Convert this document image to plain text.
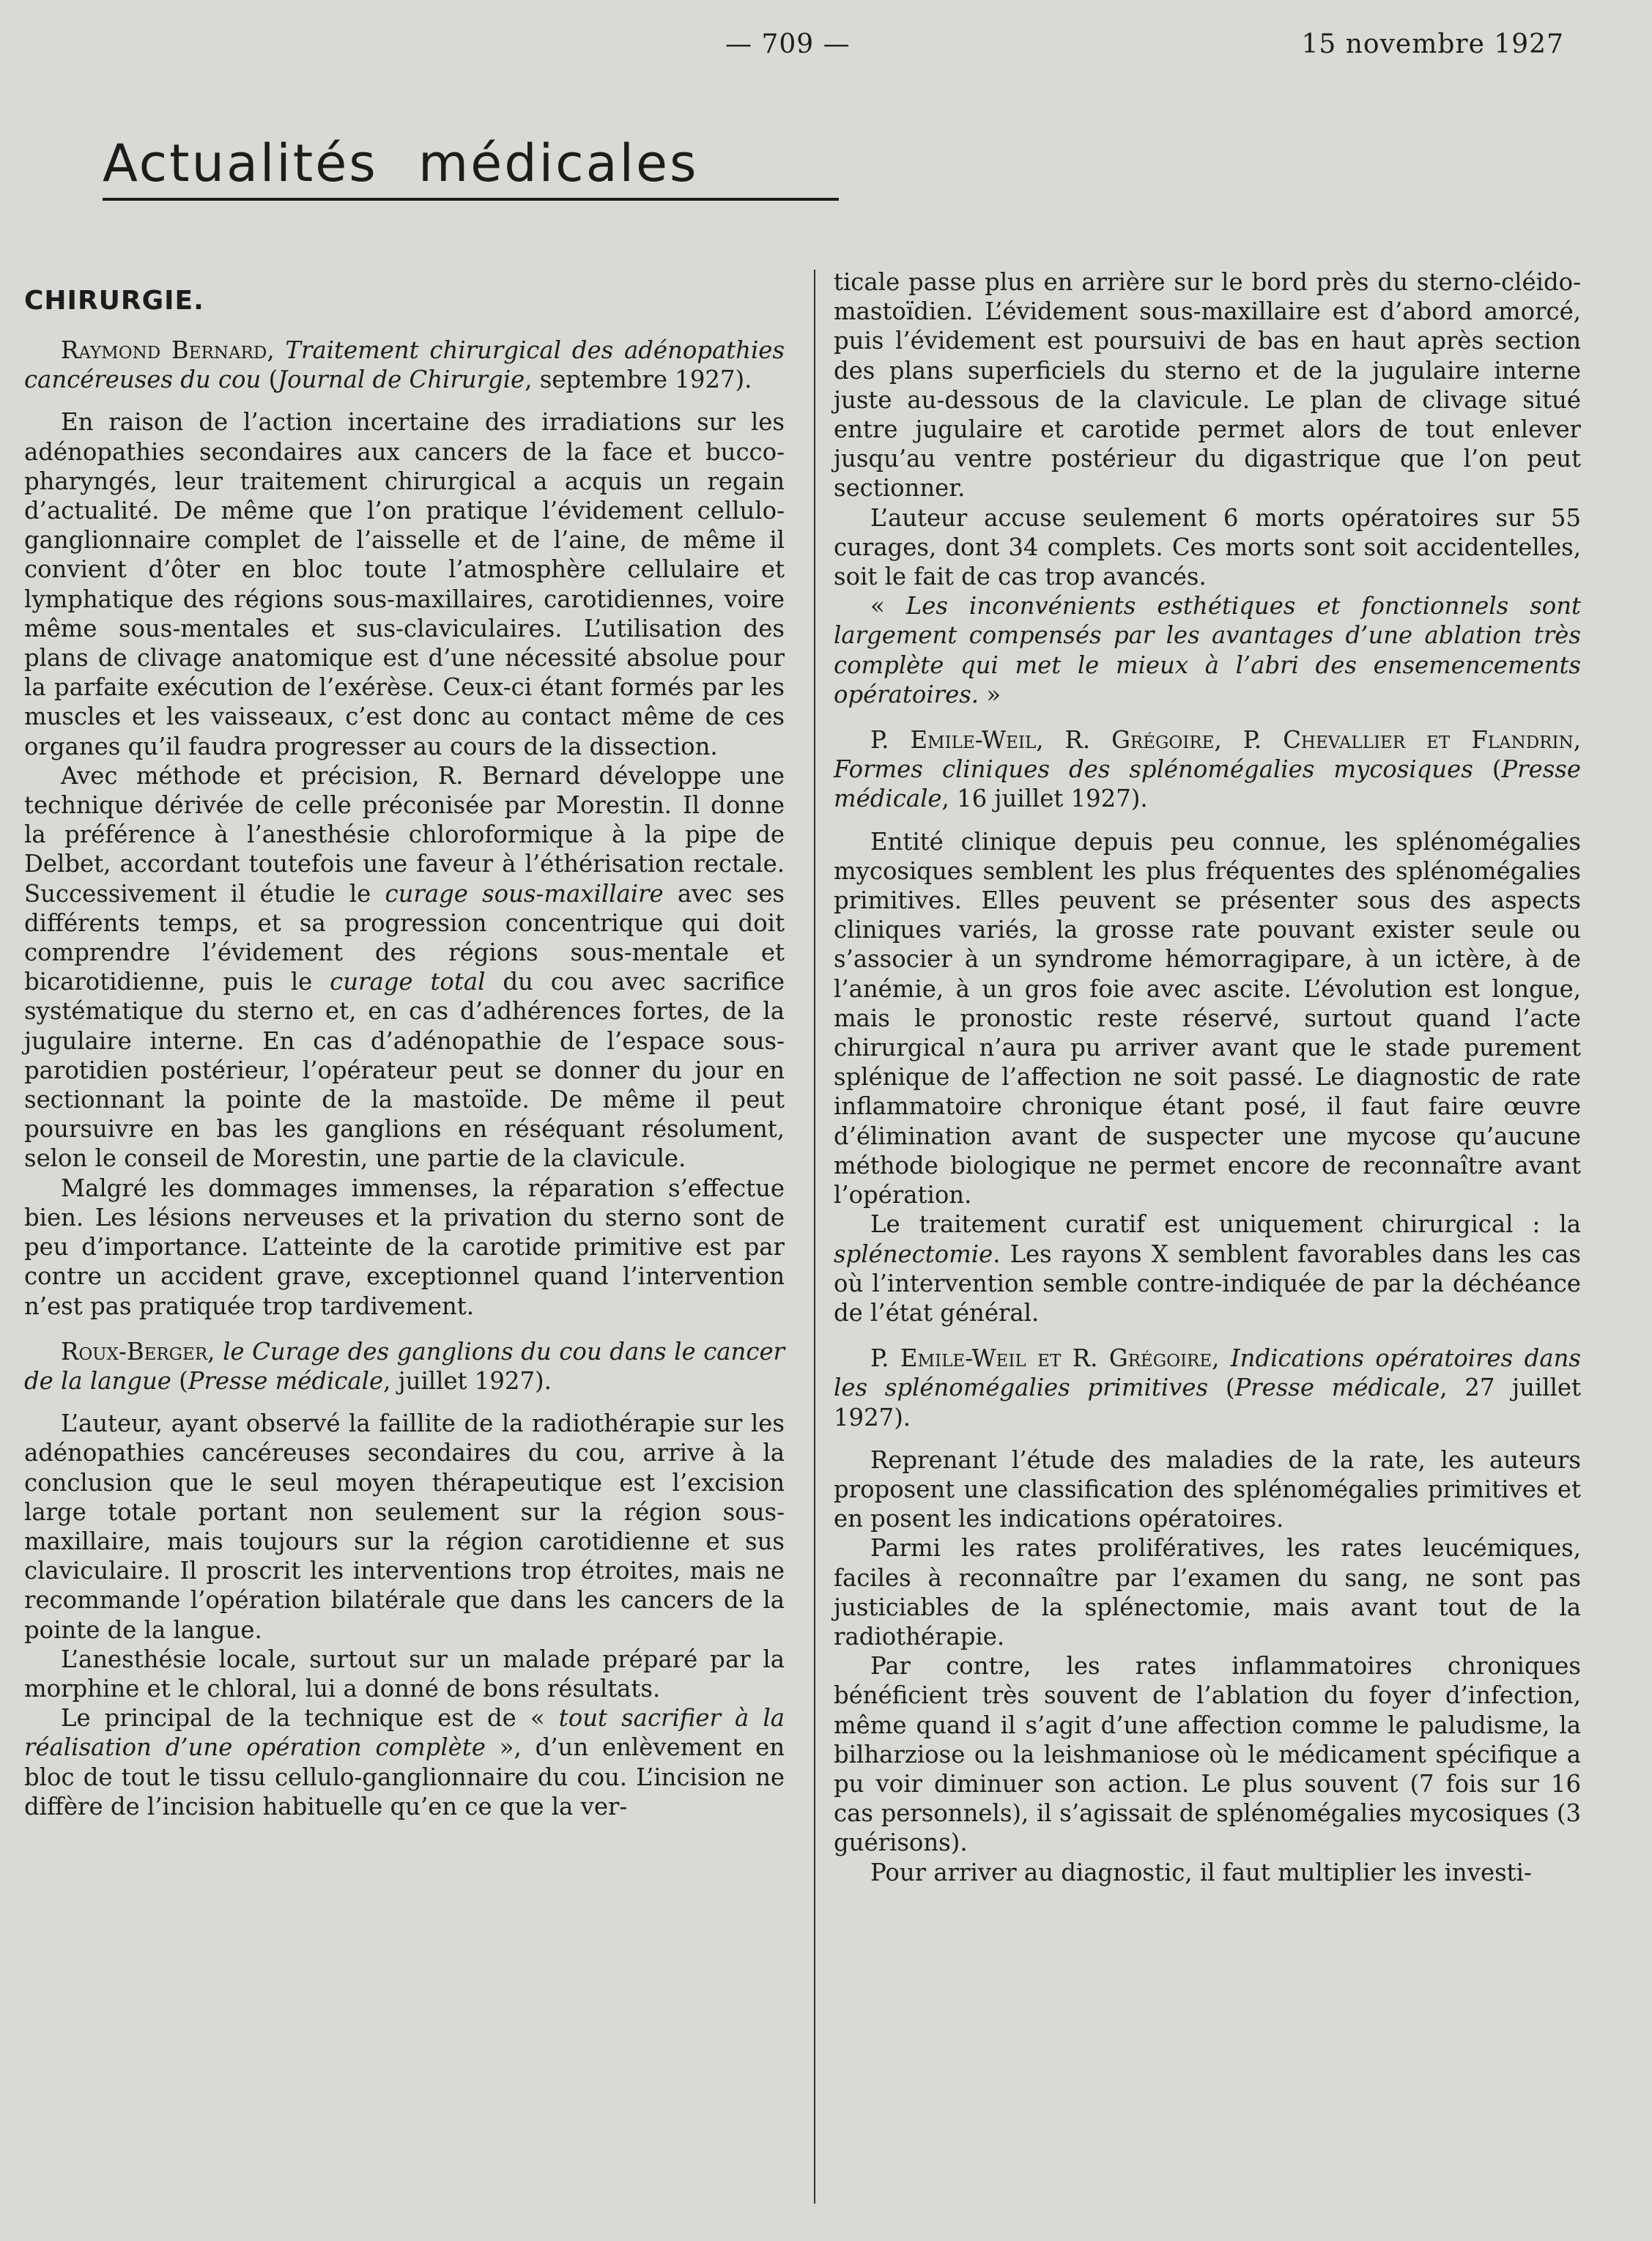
— 709 —	15 novembre 1927
Actualités médicales
CHIRURGIE.

Raymond Bernard, Traitement chirurgical des adénopathies cancéreuses du cou (Journal de Chirurgie, septembre 1927).

En raison de l’action incertaine des irradiations sur les adénopathies secondaires aux cancers de la face et bucco-pharyngés, leur traitement chirurgical a acquis un regain d’actualité. De même que l’on pratique l’évidement cellulo-ganglionnaire complet de l’aisselle et de l’aine, de même il convient d’ôter en bloc toute l’atmosphère cellulaire et lymphatique des régions sous-maxillaires, carotidiennes, voire même sous-mentales et sus-claviculaires. L’utilisation des plans de clivage anatomique est d’une nécessité absolue pour la parfaite exécution de l’exérèse. Ceux-ci étant formés par les muscles et les vaisseaux, c’est donc au contact même de ces organes qu’il faudra progresser au cours de la dissection.

Avec méthode et précision, R. Bernard développe une technique dérivée de celle préconisée par Morestin. Il donne la préférence à l’anesthésie chloroformique à la pipe de Delbet, accordant toutefois une faveur à l’éthérisation rectale. Successivement il étudie le curage sous-maxillaire avec ses différents temps, et sa progression concentrique qui doit comprendre l’évidement des régions sous-mentale et bicarotidienne, puis le curage total du cou avec sacrifice systématique du sterno et, en cas d’adhérences fortes, de la jugulaire interne. En cas d’adénopathie de l’espace sous-parotidien postérieur, l’opérateur peut se donner du jour en sectionnant la pointe de la mastoïde. De même il peut poursuivre en bas les ganglions en réséquant résolument, selon le conseil de Morestin, une partie de la clavicule.

Malgré les dommages immenses, la réparation s’effectue bien. Les lésions nerveuses et la privation du sterno sont de peu d’importance. L’atteinte de la carotide primitive est par contre un accident grave, exceptionnel quand l’intervention n’est pas pratiquée trop tardivement.

Roux-Berger, le Curage des ganglions du cou dans le cancer de la langue (Presse médicale, juillet 1927).

L’auteur, ayant observé la faillite de la radiothérapie sur les adénopathies cancéreuses secondaires du cou, arrive à la conclusion que le seul moyen thérapeutique est l’excision large totale portant non seulement sur la région sous-maxillaire, mais toujours sur la région carotidienne et sus claviculaire. Il proscrit les interventions trop étroites, mais ne recommande l’opération bilatérale que dans les cancers de la pointe de la langue.

L’anesthésie locale, surtout sur un malade préparé par la morphine et le chloral, lui a donné de bons résultats.

Le principal de la technique est de « tout sacrifier à la réalisation d’une opération complète », d’un enlèvement en bloc de tout le tissu cellulo-ganglionnaire du cou. L’incision ne diffère de l’incision habituelle qu’en ce que la ver-

ticale passe plus en arrière sur le bord près du sterno-cléido-mastoïdien. L’évidement sous-maxillaire est d’abord amorcé, puis l’évidement est poursuivi de bas en haut après section des plans superficiels du sterno et de la jugulaire interne juste au-dessous de la clavicule. Le plan de clivage situé entre jugulaire et carotide permet alors de tout enlever jusqu’au ventre postérieur du digastrique que l’on peut sectionner.

L’auteur accuse seulement 6 morts opératoires sur 55 curages, dont 34 complets. Ces morts sont soit accidentelles, soit le fait de cas trop avancés.

« Les inconvénients esthétiques et fonctionnels sont largement compensés par les avantages d’une ablation très complète qui met le mieux à l’abri des ensemencements opératoires. »

P. Emile-Weil, R. Grégoire, P. Chevallier et Flandrin, Formes cliniques des splénomégalies mycosiques (Presse médicale, 16 juillet 1927).

Entité clinique depuis peu connue, les splénomégalies mycosiques semblent les plus fréquentes des splénomégalies primitives. Elles peuvent se présenter sous des aspects cliniques variés, la grosse rate pouvant exister seule ou s’associer à un syndrome hémorragipare, à un ictère, à de l’anémie, à un gros foie avec ascite. L’évolution est longue, mais le pronostic reste réservé, surtout quand l’acte chirurgical n’aura pu arriver avant que le stade purement splénique de l’affection ne soit passé. Le diagnostic de rate inflammatoire chronique étant posé, il faut faire œuvre d’élimination avant de suspecter une mycose qu’aucune méthode biologique ne permet encore de reconnaître avant l’opération.

Le traitement curatif est uniquement chirurgical : la splénectomie. Les rayons X semblent favorables dans les cas où l’intervention semble contre-indiquée de par la déchéance de l’état général.

P. Emile-Weil et R. Grégoire, Indications opératoires dans les splénomégalies primitives (Presse médicale, 27 juillet 1927).

Reprenant l’étude des maladies de la rate, les auteurs proposent une classification des splénomégalies primitives et en posent les indications opératoires.

Parmi les rates prolifératives, les rates leucémiques, faciles à reconnaître par l’examen du sang, ne sont pas justiciables de la splénectomie, mais avant tout de la radiothérapie.

Par contre, les rates inflammatoires chroniques bénéficient très souvent de l’ablation du foyer d’infection, même quand il s’agit d’une affection comme le paludisme, la bilharziose ou la leishmaniose où le médicament spécifique a pu voir diminuer son action. Le plus souvent (7 fois sur 16 cas personnels), il s’agissait de splénomégalies mycosiques (3 guérisons).

Pour arriver au diagnostic, il faut multiplier les investi-
